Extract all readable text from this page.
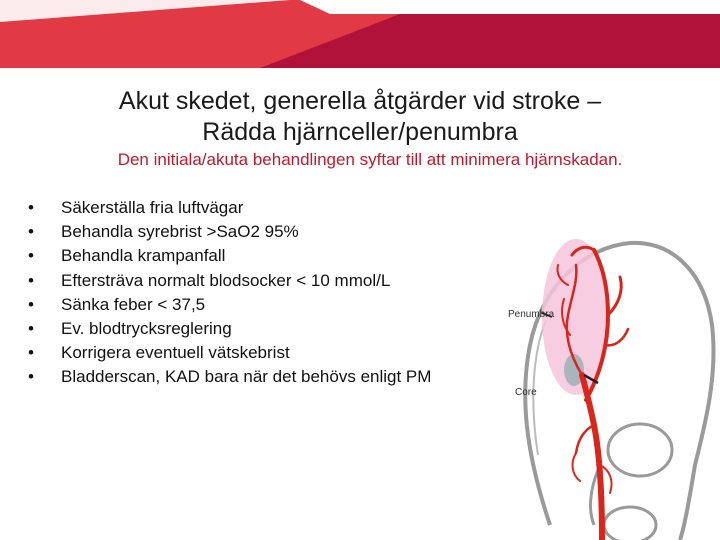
Akut skedet, generella åtgärder vid stroke –
Rädda hjärnceller/penumbra
Den initiala/akuta behandlingen syftar till att minimera hjärnskadan.
• Säkerställa fria luftvägar
• Behandla syrebrist >SaO2 95%
• Behandla krampanfall
• Eftersträva normalt blodsocker < 10 mmol/L
• Sänka feber < 37,5
• Ev. blodtrycksreglering
• Korrigera eventuell vätskebrist
• Bladderscan, KAD bara när det behövs enligt PM
Penumbra
Core
